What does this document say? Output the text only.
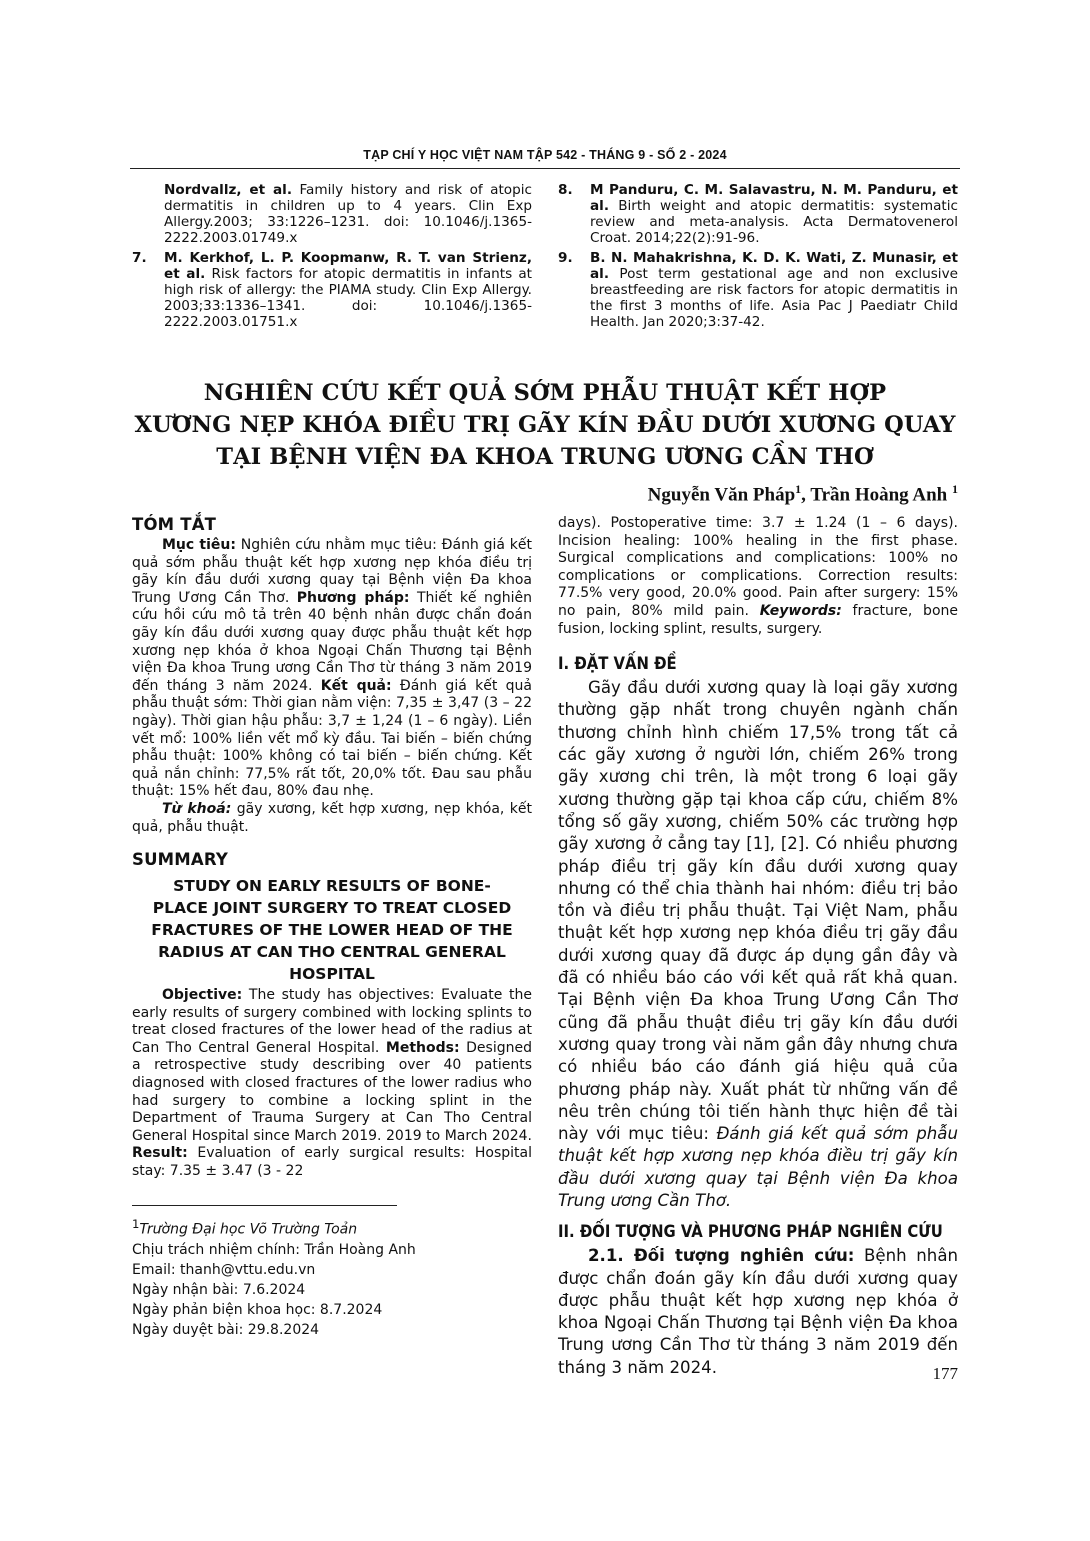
TẠP CHÍ Y HỌC VIỆT NAM TẬP 542 - THÁNG 9 - SỐ 2 - 2024

Nordvallz, et al. Family history and risk of atopic dermatitis in children up to 4 years. Clin Exp Allergy.2003; 33:1226–1231. doi: 10.1046/j.1365-2222.2003.01749.x

7. M. Kerkhof, L. P. Koopmanw, R. T. van Strienz, et al. Risk factors for atopic dermatitis in infants at high risk of allergy: the PIAMA study. Clin Exp Allergy. 2003;33:1336–1341. doi: 10.1046/j.1365-2222.2003.01751.x

8. M Panduru, C. M. Salavastru, N. M. Panduru, et al. Birth weight and atopic dermatitis: systematic review and meta-analysis. Acta Dermatovenerol Croat. 2014;22(2):91-96.

9. B. N. Mahakrishna, K. D. K. Wati, Z. Munasir, et al. Post term gestational age and non exclusive breastfeeding are risk factors for atopic dermatitis in the first 3 months of life. Asia Pac J Paediatr Child Health. Jan 2020;3:37-42.

NGHIÊN CỨU KẾT QUẢ SỚM PHẪU THUẬT KẾT HỢP
XƯƠNG NẸP KHÓA ĐIỀU TRỊ GÃY KÍN ĐẦU DƯỚI XƯƠNG QUAY
TẠI BỆNH VIỆN ĐA KHOA TRUNG ƯƠNG CẦN THƠ
Nguyễn Văn Pháp$^1$, Trần Hoàng Anh $^1$
TÓM TẮT

Mục tiêu: Nghiên cứu nhằm mục tiêu: Đánh giá kết quả sớm phẫu thuật kết hợp xương nẹp khóa điều trị gãy kín đầu dưới xương quay tại Bệnh viện Đa khoa Trung Ương Cần Thơ. Phương pháp: Thiết kế nghiên cứu hồi cứu mô tả trên 40 bệnh nhân được chẩn đoán gãy kín đầu dưới xương quay được phẫu thuật kết hợp xương nẹp khóa ở khoa Ngoại Chấn Thương tại Bệnh viện Đa khoa Trung ương Cần Thơ từ tháng 3 năm 2019 đến tháng 3 năm 2024. Kết quả: Đánh giá kết quả phẫu thuật sớm: Thời gian nằm viện: 7,35 ± 3,47 (3 – 22 ngày). Thời gian hậu phẫu: 3,7 ± 1,24 (1 – 6 ngày). Liền vết mổ: 100% liền vết mổ kỳ đầu. Tai biến – biến chứng phẫu thuật: 100% không có tai biến – biến chứng. Kết quả nắn chỉnh: 77,5% rất tốt, 20,0% tốt. Đau sau phẫu thuật: 15% hết đau, 80% đau nhẹ.

Từ khoá: gãy xương, kết hợp xương, nẹp khóa, kết quả, phẫu thuật.

SUMMARY
STUDY ON EARLY RESULTS OF BONE-
PLACE JOINT SURGERY TO TREAT CLOSED
FRACTURES OF THE LOWER HEAD OF THE
RADIUS AT CAN THO CENTRAL GENERAL
HOSPITAL

Objective: The study has objectives: Evaluate the early results of surgery combined with locking splints to treat closed fractures of the lower head of the radius at Can Tho Central General Hospital. Methods: Designed a retrospective study describing over 40 patients diagnosed with closed fractures of the lower radius who had surgery to combine a locking splint in the Department of Trauma Surgery at Can Tho Central General Hospital since March 2019. 2019 to March 2024. Result: Evaluation of early surgical results: Hospital stay: 7.35 ± 3.47 (3 - 22

$^1$Trường Đại học Võ Trường Toản
Chịu trách nhiệm chính: Trần Hoàng Anh
Email: thanh@vttu.edu.vn
Ngày nhận bài: 7.6.2024
Ngày phản biện khoa học: 8.7.2024
Ngày duyệt bài: 29.8.2024

days). Postoperative time: 3.7 ± 1.24 (1 – 6 days). Incision healing: 100% healing in the first phase. Surgical complications and complications: 100% no complications or complications. Correction results: 77.5% very good, 20.0% good. Pain after surgery: 15% no pain, 80% mild pain. Keywords: fracture, bone fusion, locking splint, results, surgery.

I. ĐẶT VẤN ĐỀ

Gãy đầu dưới xương quay là loại gãy xương thường gặp nhất trong chuyên ngành chấn thương chỉnh hình chiếm 17,5% trong tất cả các gãy xương ở người lớn, chiếm 26% trong gãy xương chi trên, là một trong 6 loại gãy xương thường gặp tại khoa cấp cứu, chiếm 8% tổng số gãy xương, chiếm 50% các trường hợp gãy xương ở cẳng tay [1], [2]. Có nhiều phương pháp điều trị gãy kín đầu dưới xương quay nhưng có thể chia thành hai nhóm: điều trị bảo tồn và điều trị phẫu thuật. Tại Việt Nam, phẫu thuật kết hợp xương nẹp khóa điều trị gãy đầu dưới xương quay đã được áp dụng gần đây và đã có nhiều báo cáo với kết quả rất khả quan. Tại Bệnh viện Đa khoa Trung Ương Cần Thơ cũng đã phẫu thuật điều trị gãy kín đầu dưới xương quay trong vài năm gần đây nhưng chưa có nhiều báo cáo đánh giá hiệu quả của phương pháp này. Xuất phát từ những vấn đề nêu trên chúng tôi tiến hành thực hiện đề tài này với mục tiêu: Đánh giá kết quả sớm phẫu thuật kết hợp xương nẹp khóa điều trị gãy kín đầu dưới xương quay tại Bệnh viện Đa khoa Trung ương Cần Thơ.

II. ĐỐI TƯỢNG VÀ PHƯƠNG PHÁP NGHIÊN CỨU

2.1. Đối tượng nghiên cứu: Bệnh nhân được chẩn đoán gãy kín đầu dưới xương quay được phẫu thuật kết hợp xương nẹp khóa ở khoa Ngoại Chấn Thương tại Bệnh viện Đa khoa Trung ương Cần Thơ từ tháng 3 năm 2019 đến tháng 3 năm 2024.	177
